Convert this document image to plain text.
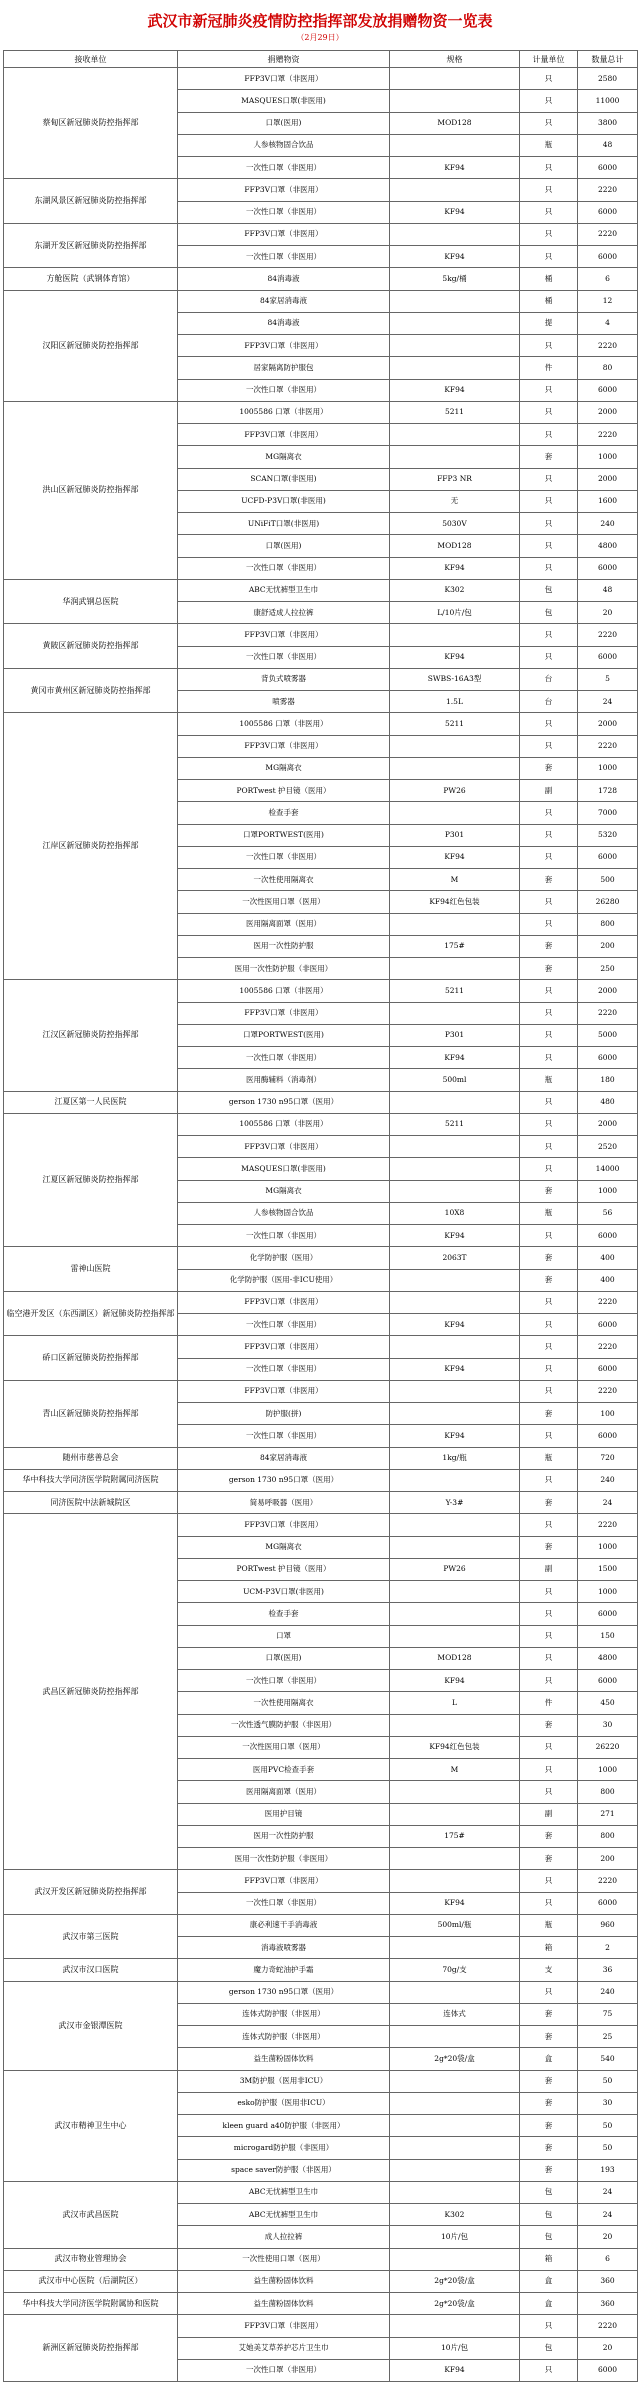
武汉市新冠肺炎疫情防控指挥部发放捐赠物资一览表
（2月29日）
接收单位	捐赠物资	规格	计量单位	数量总计
蔡甸区新冠肺炎防控指挥部	FFP3V口罩（非医用）		只	2580
	MASQUES口罩(非医用)		只	11000
	口罩(医用)	MOD128	只	3800
	人参核物固合饮品		瓶	48
	一次性口罩（非医用）	KF94	只	6000
东湖风景区新冠肺炎防控指挥部	FFP3V口罩（非医用）		只	2220
	一次性口罩（非医用）	KF94	只	6000
东湖开发区新冠肺炎防控指挥部	FFP3V口罩（非医用）		只	2220
	一次性口罩（非医用）	KF94	只	6000
方舱医院（武钢体育馆）	84消毒液	5kg/桶	桶	6
汉阳区新冠肺炎防控指挥部	84家居消毒液		桶	12
	84消毒液		提	4
	FFP3V口罩（非医用）		只	2220
	居家隔离防护服包		件	80
	一次性口罩（非医用）	KF94	只	6000
洪山区新冠肺炎防控指挥部	1005586 口罩（非医用）	5211	只	2000
	FFP3V口罩（非医用）		只	2220
	MG隔离衣		套	1000
	SCAN口罩(非医用)	FFP3 NR	只	2000
	UCFD-P3V口罩(非医用)	无	只	1600
	UNiFiT口罩(非医用)	5030V	只	240
	口罩(医用)	MOD128	只	4800
	一次性口罩（非医用）	KF94	只	6000
华润武钢总医院	ABC无忧裤型卫生巾	K302	包	48
	康舒适成人拉拉裤	L/10片/包	包	20
黄陂区新冠肺炎防控指挥部	FFP3V口罩（非医用）		只	2220
	一次性口罩（非医用）	KF94	只	6000
黄冈市黄州区新冠肺炎防控指挥部	背负式喷雾器	SWBS-16A3型	台	5
	喷雾器	1.5L	台	24
江岸区新冠肺炎防控指挥部	1005586 口罩（非医用）	5211	只	2000
	FFP3V口罩（非医用）		只	2220
	MG隔离衣		套	1000
	PORTwest 护目镜（医用）	PW26	副	1728
	检查手套		只	7000
	口罩PORTWEST(医用)	P301	只	5320
	一次性口罩（非医用）	KF94	只	6000
	一次性使用隔离衣	M	套	500
	一次性医用口罩（医用）	KF94红色包装	只	26280
	医用隔离面罩（医用）		只	800
	医用一次性防护服	175#	套	200
	医用一次性防护服（非医用）		套	250
江汉区新冠肺炎防控指挥部	1005586 口罩（非医用）	5211	只	2000
	FFP3V口罩（非医用）		只	2220
	口罩PORTWEST(医用)	P301	只	5000
	一次性口罩（非医用）	KF94	只	6000
	医用酶辅料（消毒剂）	500ml	瓶	180
江夏区第一人民医院	gerson 1730 n95口罩（医用）		只	480
江夏区新冠肺炎防控指挥部	1005586 口罩（非医用）	5211	只	2000
	FFP3V口罩（非医用）		只	2520
	MASQUES口罩(非医用)		只	14000
	MG隔离衣		套	1000
	人参核物固合饮品	10X8	瓶	56
	一次性口罩（非医用）	KF94	只	6000
雷神山医院	化学防护服（医用）	2063T	套	400
	化学防护服（医用-非ICU使用）		套	400
临空港开发区（东西湖区）新冠肺炎防控指挥部	FFP3V口罩（非医用）		只	2220
	一次性口罩（非医用）	KF94	只	6000
硚口区新冠肺炎防控指挥部	FFP3V口罩（非医用）		只	2220
	一次性口罩（非医用）	KF94	只	6000
青山区新冠肺炎防控指挥部	FFP3V口罩（非医用）		只	2220
	防护服(拼)		套	100
	一次性口罩（非医用）	KF94	只	6000
随州市慈善总会	84家居消毒液	1kg/瓶	瓶	720
华中科技大学同济医学院附属同济医院	gerson 1730 n95口罩（医用）		只	240
同济医院中法新城院区	简易呼吸器（医用）	Y-3#	套	24
武昌区新冠肺炎防控指挥部	FFP3V口罩（非医用）		只	2220
	MG隔离衣		套	1000
	PORTwest 护目镜（医用）	PW26	副	1500
	UCM-P3V口罩(非医用)		只	1000
	检查手套		只	6000
	口罩		只	150
	口罩(医用)	MOD128	只	4800
	一次性口罩（非医用）	KF94	只	6000
	一次性使用隔离衣	L	件	450
	一次性透气膜防护服（非医用）		套	30
	一次性医用口罩（医用）	KF94红色包装	只	26220
	医用PVC检查手套	M	只	1000
	医用隔离面罩（医用）		只	800
	医用护目镜		副	271
	医用一次性防护服	175#	套	800
	医用一次性防护服（非医用）		套	200
武汉开发区新冠肺炎防控指挥部	FFP3V口罩（非医用）		只	2220
	一次性口罩（非医用）	KF94	只	6000
武汉市第三医院	康必利速干手消毒液	500ml/瓶	瓶	960
	消毒液喷雾器		箱	2
武汉市汉口医院	魔力奇蛇油护手霜	70g/支	支	36
武汉市金银潭医院	gerson 1730 n95口罩（医用）		只	240
	连体式防护服（非医用）	连体式	套	75
	连体式防护服（非医用）		套	25
	益生菌粉固体饮料	2g*20袋/盒	盒	540
武汉市精神卫生中心	3M防护服（医用非ICU）		套	50
	esko防护服（医用非ICU）		套	30
	kleen guard a40防护服（非医用）		套	50
	microgard防护服（非医用）		套	50
	space saver防护服（非医用）		套	193
武汉市武昌医院	ABC无忧裤型卫生巾		包	24
	ABC无忧裤型卫生巾	K302	包	24
	成人拉拉裤	10片/包	包	20
武汉市物业管理协会	一次性使用口罩（医用）		箱	6
武汉市中心医院（后湖院区）	益生菌粉固体饮料	2g*20袋/盒	盒	360
华中科技大学同济医学院附属协和医院	益生菌粉固体饮料	2g*20袋/盒	盒	360
新洲区新冠肺炎防控指挥部	FFP3V口罩（非医用）		只	2220
	艾她美艾草养护芯片卫生巾	10片/包	包	20
	一次性口罩（非医用）	KF94	只	6000
